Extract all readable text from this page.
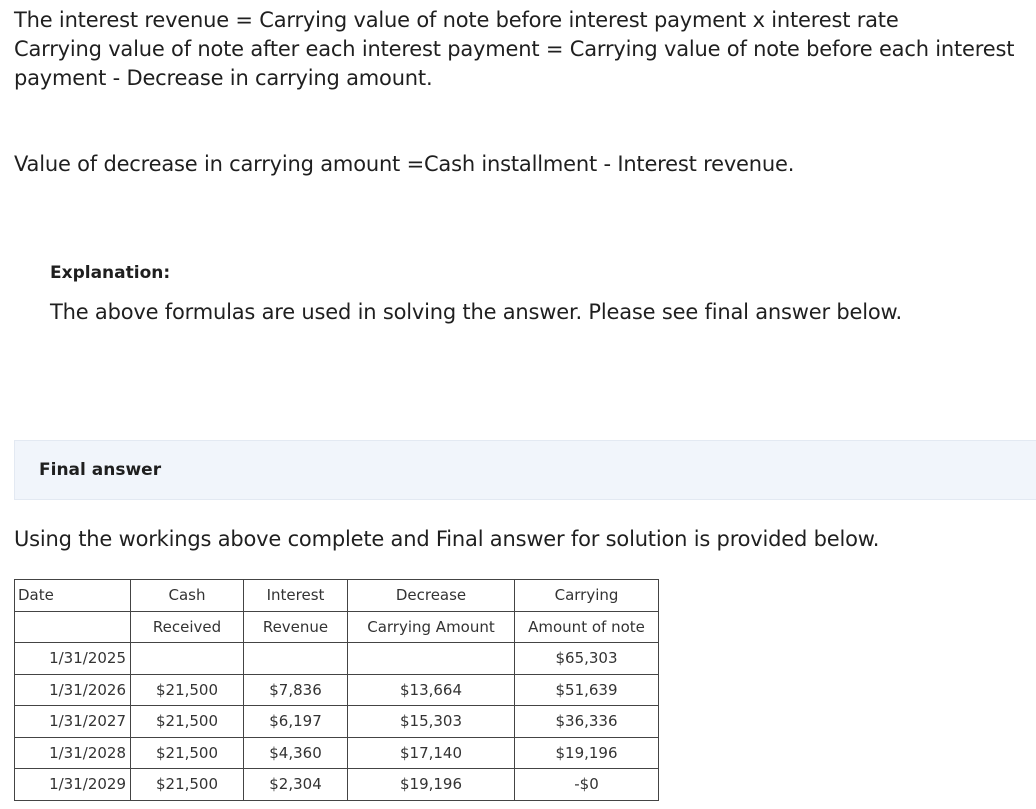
The interest revenue = Carrying value of note before interest payment x interest rate
Carrying value of note after each interest payment = Carrying value of note before each interest
payment - Decrease in carrying amount.
Value of decrease in carrying amount =Cash installment - Interest revenue.
Explanation:
The above formulas are used in solving the answer. Please see final answer below.
Final answer
Using the workings above complete and Final answer for solution is provided below.
Date	Cash	Interest	Decrease	Carrying
	Received	Revenue	Carrying Amount	Amount of note
1/31/2025				$65,303
1/31/2026	$21,500	$7,836	$13,664	$51,639
1/31/2027	$21,500	$6,197	$15,303	$36,336
1/31/2028	$21,500	$4,360	$17,140	$19,196
1/31/2029	$21,500	$2,304	$19,196	-$0
